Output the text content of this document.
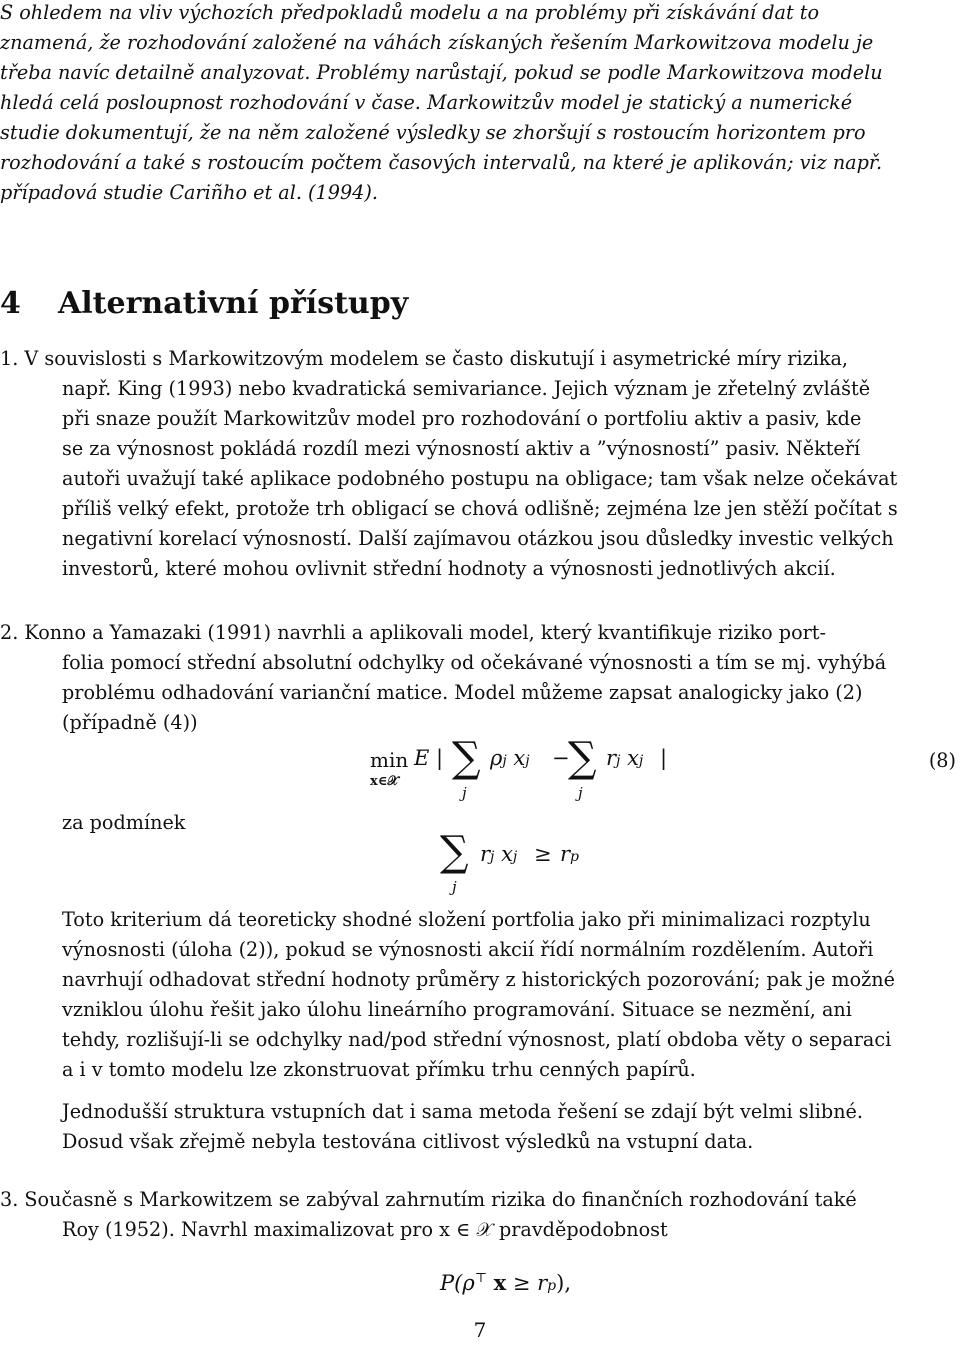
S ohledem na vliv výchozích předpokladů modelu a na problémy při získávání dat to

znamená, že rozhodování založené na váhách získaných řešením Markowitzova modelu je

třeba navíc detailně analyzovat. Problémy narůstají, pokud se podle Markowitzova modelu

hledá celá posloupnost rozhodování v čase. Markowitzův model je statický a numerické

studie dokumentují, že na něm založené výsledky se zhoršují s rostoucím horizontem pro

rozhodování a také s rostoucím počtem časových intervalů, na které je aplikován; viz např.

případová studie Cariñho et al. (1994).

4 Alternativní přístupy

1. V souvislosti s Markowitzovým modelem se často diskutují i asymetrické míry rizika,

např. King (1993) nebo kvadratická semivariance. Jejich význam je zřetelný zvláště

při snaze použít Markowitzův model pro rozhodování o portfoliu aktiv a pasiv, kde

se za výnosnost pokládá rozdíl mezi výnosností aktiv a ”výnosností” pasiv. Někteří

autoři uvažují také aplikace podobného postupu na obligace; tam však nelze očekávat

příliš velký efekt, protože trh obligací se chová odlišně; zejména lze jen stěží počítat s

negativní korelací výnosností. Další zajímavou otázkou jsou důsledky investic velkých

investorů, které mohou ovlivnit střední hodnoty a výnosnosti jednotlivých akcií.

2. Konno a Yamazaki (1991) navrhli a aplikovali model, který kvantifikuje riziko port-

folia pomocí střední absolutní odchylky od očekávané výnosnosti a tím se mj. vyhýbá

problému odhadování varianční matice. Model můžeme zapsat analogicky jako (2)

(případně (4))

min
x∈𝒳
E | ∑
j
ρj xj −
∑
j
rj xj |	(8)

za podmínek

∑
j
rj xj ≥ rp

Toto kriterium dá teoreticky shodné složení portfolia jako při minimalizaci rozptylu

výnosnosti (úloha (2)), pokud se výnosnosti akcií řídí normálním rozdělením. Autoři

navrhují odhadovat střední hodnoty průměry z historických pozorování; pak je možné

vzniklou úlohu řešit jako úlohu lineárního programování. Situace se nezmění, ani

tehdy, rozlišují-li se odchylky nad/pod střední výnosnost, platí obdoba věty o separaci

a i v tomto modelu lze zkonstruovat přímku trhu cenných papírů.

Jednodušší struktura vstupních dat i sama metoda řešení se zdají být velmi slibné.

Dosud však zřejmě nebyla testována citlivost výsledků na vstupní data.

3. Současně s Markowitzem se zabýval zahrnutím rizika do finančních rozhodování také

Roy (1952). Navrhl maximalizovat pro x ∈ 𝒳 pravděpodobnost

P(ρ⊤ x ≥ rp),
7
